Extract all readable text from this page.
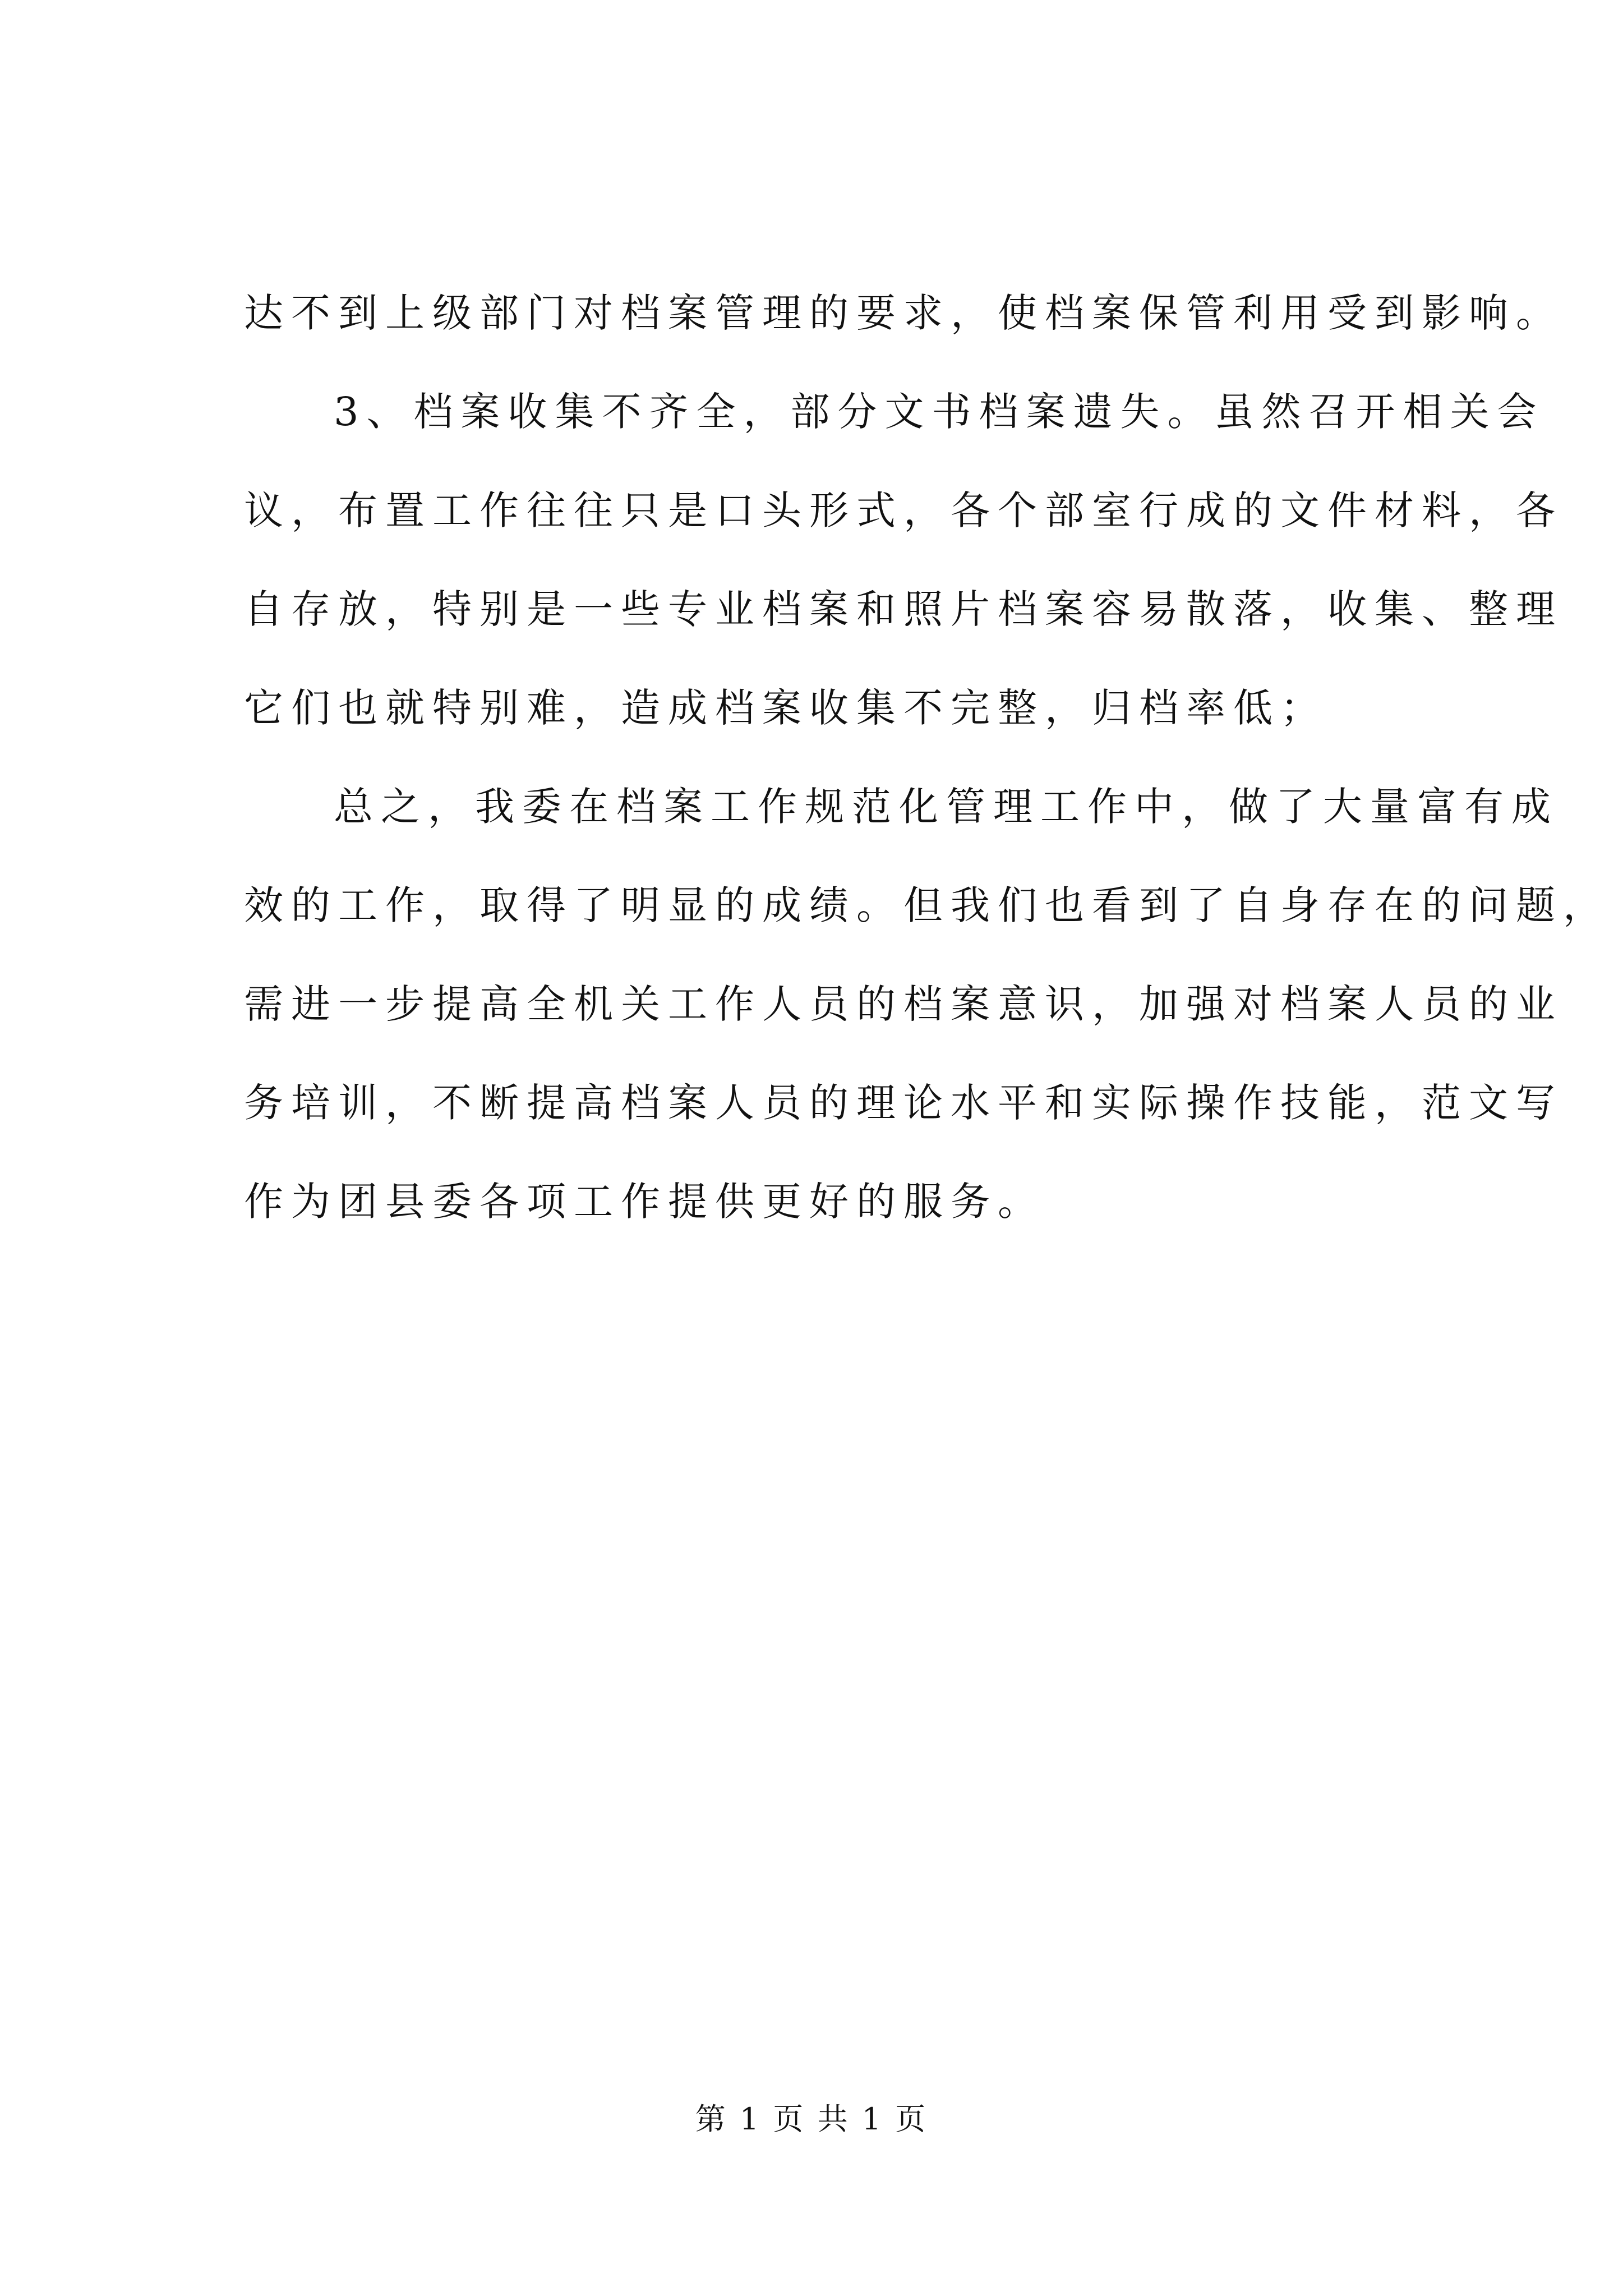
达不到上级部门对档案管理的要求，使档案保管利用受到影响。

3、档案收集不齐全，部分文书档案遗失。虽然召开相关会

议，布置工作往往只是口头形式，各个部室行成的文件材料，各

自存放，特别是一些专业档案和照片档案容易散落，收集、整理

它们也就特别难，造成档案收集不完整，归档率低；

总之，我委在档案工作规范化管理工作中，做了大量富有成

效的工作，取得了明显的成绩。但我们也看到了自身存在的问题，

需进一步提高全机关工作人员的档案意识，加强对档案人员的业

务培训，不断提高档案人员的理论水平和实际操作技能，范文写

作为团县委各项工作提供更好的服务。

第 1 页 共 1 页
